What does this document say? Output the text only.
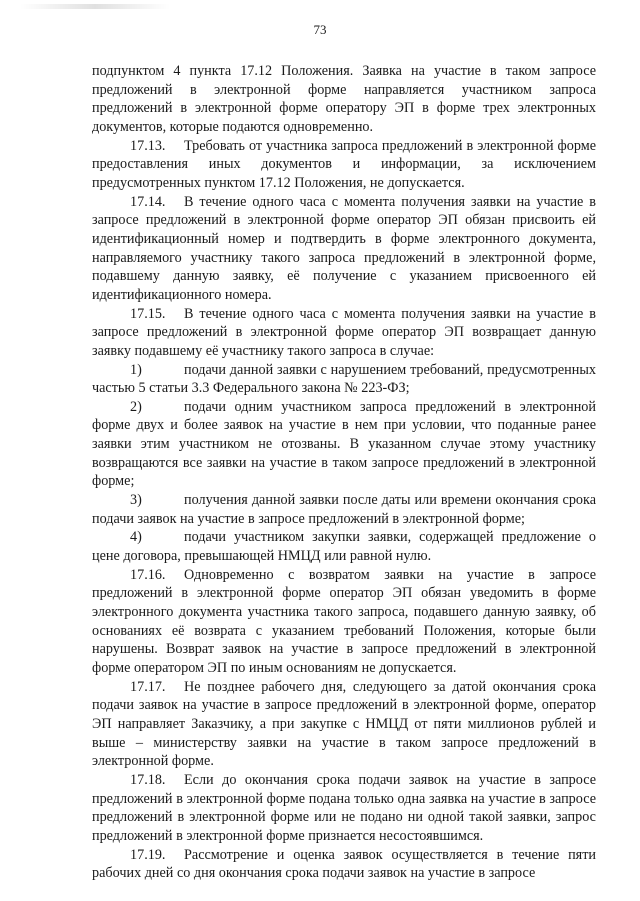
73

подпунктом 4 пункта 17.12 Положения. Заявка на участие в таком запросе предложений в электронной форме направляется участником запроса предложений в электронной форме оператору ЭП в форме трех электронных документов, которые подаются одновременно.

17.13. Требовать от участника запроса предложений в электронной форме предоставления иных документов и информации, за исключением предусмотренных пунктом 17.12 Положения, не допускается.

17.14. В течение одного часа с момента получения заявки на участие в запросе предложений в электронной форме оператор ЭП обязан присвоить ей идентификационный номер и подтвердить в форме электронного документа, направляемого участнику такого запроса предложений в электронной форме, подавшему данную заявку, её получение с указанием присвоенного ей идентификационного номера.

17.15. В течение одного часа с момента получения заявки на участие в запросе предложений в электронной форме оператор ЭП возвращает данную заявку подавшему её участнику такого запроса в случае:

1)	подачи данной заявки с нарушением требований, предусмотренных частью 5 статьи 3.3 Федерального закона № 223-ФЗ;

2)	подачи одним участником запроса предложений в электронной форме двух и более заявок на участие в нем при условии, что поданные ранее заявки этим участником не отозваны. В указанном случае этому участнику возвращаются все заявки на участие в таком запросе предложений в электронной форме;

3)	получения данной заявки после даты или времени окончания срока подачи заявок на участие в запросе предложений в электронной форме;

4)	подачи участником закупки заявки, содержащей предложение о цене договора, превышающей НМЦД или равной нулю.

17.16. Одновременно с возвратом заявки на участие в запросе предложений в электронной форме оператор ЭП обязан уведомить в форме электронного документа участника такого запроса, подавшего данную заявку, об основаниях её возврата с указанием требований Положения, которые были нарушены. Возврат заявок на участие в запросе предложений в электронной форме оператором ЭП по иным основаниям не допускается.

17.17. Не позднее рабочего дня, следующего за датой окончания срока подачи заявок на участие в запросе предложений в электронной форме, оператор ЭП направляет Заказчику, а при закупке с НМЦД от пяти миллионов рублей и выше – министерству заявки на участие в таком запросе предложений в электронной форме.

17.18. Если до окончания срока подачи заявок на участие в запросе предложений в электронной форме подана только одна заявка на участие в запросе предложений в электронной форме или не подано ни одной такой заявки, запрос предложений в электронной форме признается несостоявшимся.

17.19. Рассмотрение и оценка заявок осуществляется в течение пяти рабочих дней со дня окончания срока подачи заявок на участие в запросе
